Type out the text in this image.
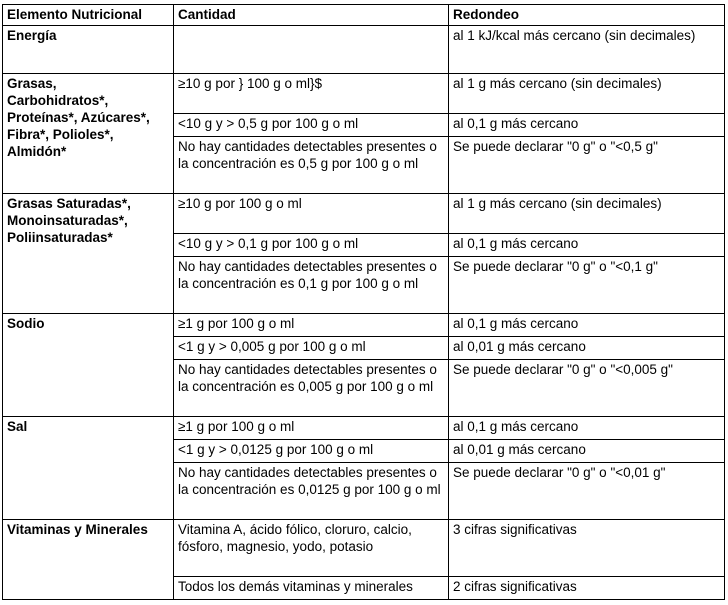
Elemento Nutricional	Cantidad	Redondeo
Energía		al 1 kJ/kcal más cercano (sin decimales)
Grasas,
Carbohidratos*,
Proteínas*, Azúcares*,
Fibra*, Polioles*,
Almidón*	≥10 g por } 100 g o ml}$	al 1 g más cercano (sin decimales)
	<10 g y > 0,5 g por 100 g o ml	al 0,1 g más cercano
	No hay cantidades detectables presentes o la concentración es 0,5 g por 100 g o ml	Se puede declarar "0 g" o "<0,5 g"
Grasas Saturadas*,
Monoinsaturadas*,
Poliinsaturadas*	≥10 g por 100 g o ml	al 1 g más cercano (sin decimales)
	<10 g y > 0,1 g por 100 g o ml	al 0,1 g más cercano
	No hay cantidades detectables presentes o la concentración es 0,1 g por 100 g o ml	Se puede declarar "0 g" o "<0,1 g"
Sodio	≥1 g por 100 g o ml	al 0,1 g más cercano
	<1 g y > 0,005 g por 100 g o ml	al 0,01 g más cercano
	No hay cantidades detectables presentes o la concentración es 0,005 g por 100 g o ml	Se puede declarar "0 g" o "<0,005 g"
Sal	≥1 g por 100 g o ml	al 0,1 g más cercano
	<1 g y > 0,0125 g por 100 g o ml	al 0,01 g más cercano
	No hay cantidades detectables presentes o la concentración es 0,0125 g por 100 g o ml	Se puede declarar "0 g" o "<0,01 g"
Vitaminas y Minerales	Vitamina A, ácido fólico, cloruro, calcio, fósforo, magnesio, yodo, potasio	3 cifras significativas
	Todos los demás vitaminas y minerales	2 cifras significativas
